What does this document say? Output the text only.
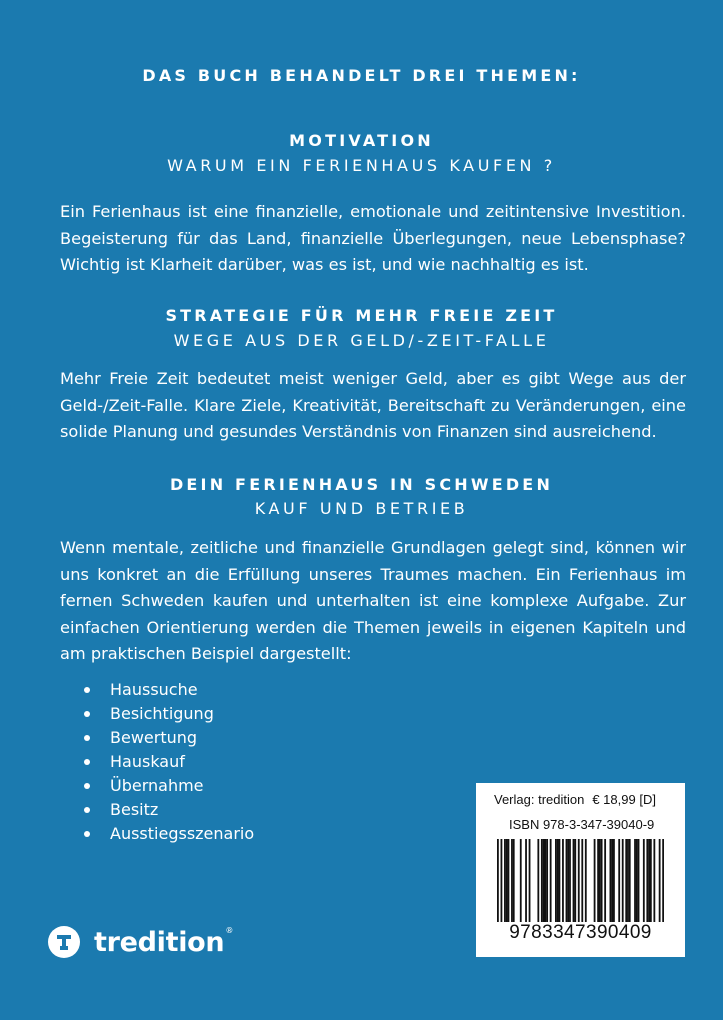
DAS BUCH BEHANDELT DREI THEMEN:
MOTIVATION
WARUM EIN FERIENHAUS KAUFEN ?
Ein Ferienhaus ist eine finanzielle, emotionale und zeitintensive Investition. Begeisterung für das Land, finanzielle Überlegungen, neue Lebensphase? Wichtig ist Klarheit darüber, was es ist, und wie nachhaltig es ist.
STRATEGIE FÜR MEHR FREIE ZEIT
WEGE AUS DER GELD/-ZEIT-FALLE
Mehr Freie Zeit bedeutet meist weniger Geld, aber es gibt Wege aus der Geld-/Zeit-Falle. Klare Ziele, Kreativität, Bereitschaft zu Veränderungen, eine solide Planung und gesundes Verständnis von Finanzen sind ausreichend.
DEIN FERIENHAUS IN SCHWEDEN
KAUF UND BETRIEB
Wenn mentale, zeitliche und finanzielle Grundlagen gelegt sind, können wir uns konkret an die Erfüllung unseres Traumes machen. Ein Ferienhaus im fernen Schweden kaufen und unterhalten ist eine komplexe Aufgabe. Zur einfachen Orientierung werden die Themen jeweils in eigenen Kapiteln und am praktischen Beispiel dargestellt:
Haussuche
Besichtigung
Bewertung
Hauskauf
Übernahme
Besitz
Ausstiegsszenario
Verlag: tredition € 18,99 [D]
ISBN 978-3-347-39040-9
9783347390409
tredition ®
